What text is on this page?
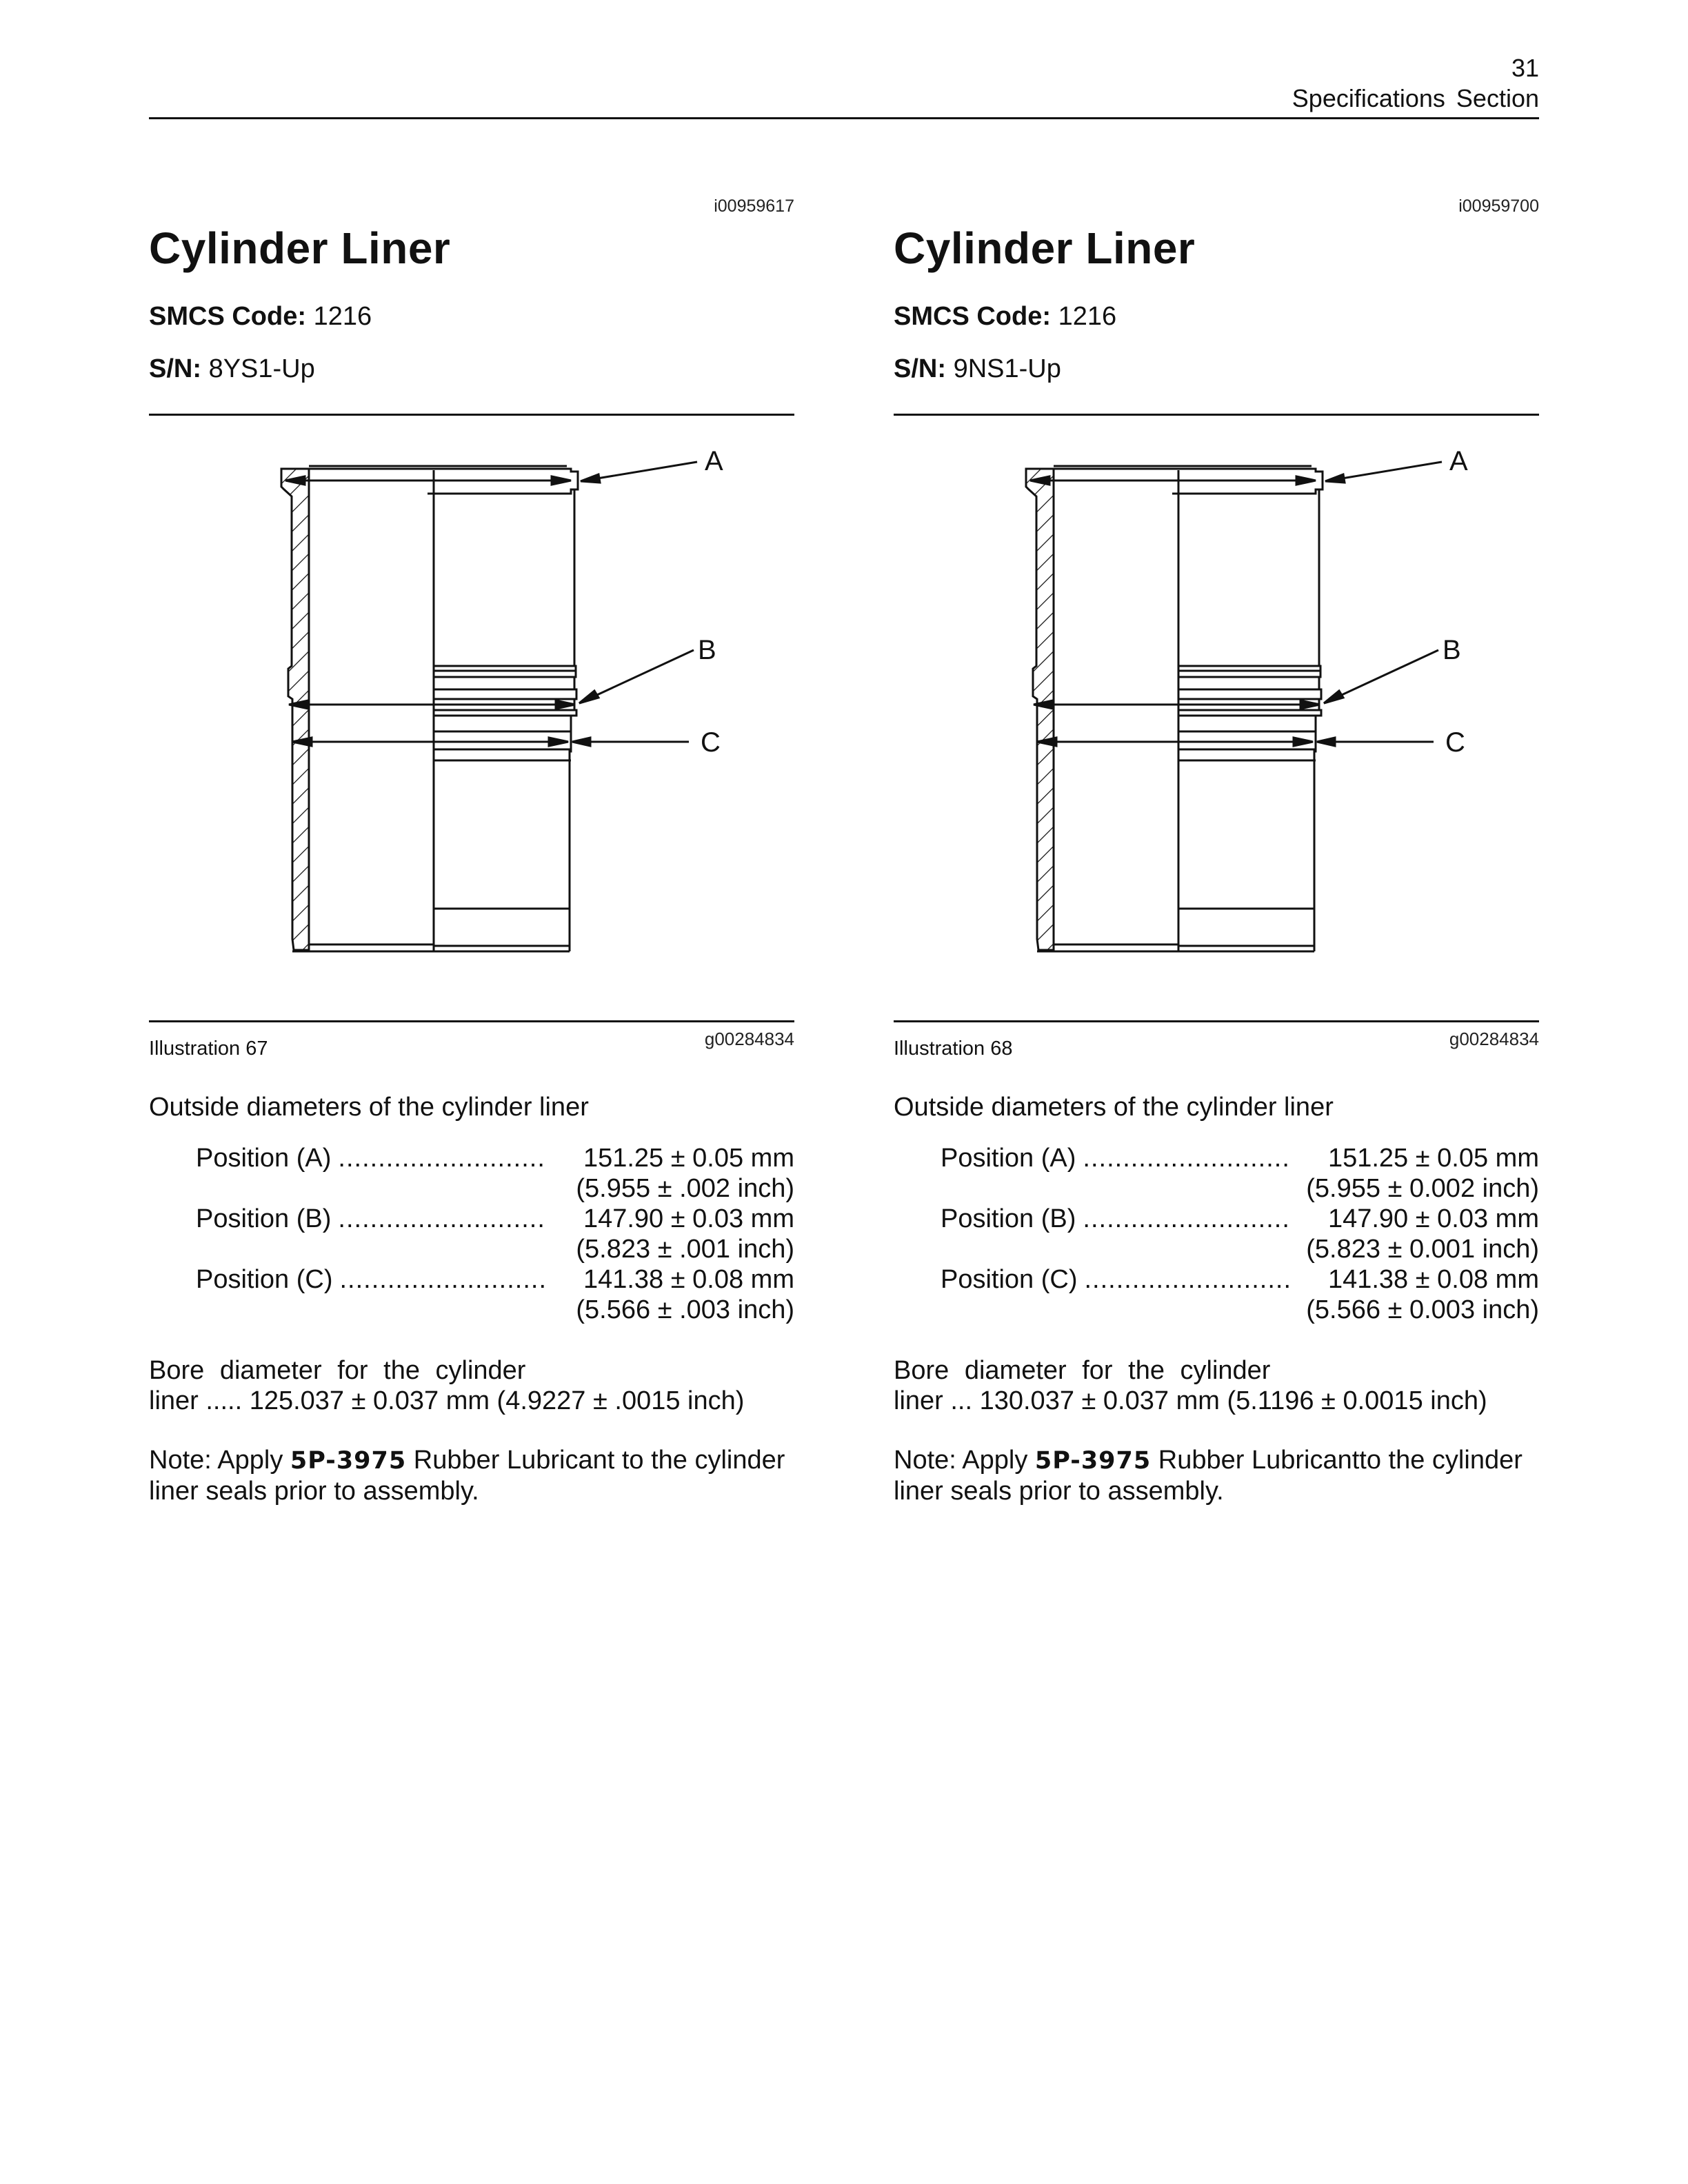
31
Specifications Section
i00959617
Cylinder Liner
SMCS Code: 1216
S/N: 8YS1-Up
A
B
C
Illustration 67	g00284834
Outside diameters of the cylinder liner
Position (A) ..........................	151.25 ± 0.05 mm
(5.955 ± .002 inch)
Position (B) ..........................	147.90 ± 0.03 mm
(5.823 ± .001 inch)
Position (C) ..........................	141.38 ± 0.08 mm
(5.566 ± .003 inch)
Bore diameter for the cylinder
liner ..... 125.037 ± 0.037 mm (4.9227 ± .0015 inch)
Note: Apply 5P-3975 Rubber Lubricant to the cylinder liner seals prior to assembly.
i00959700
Cylinder Liner
SMCS Code: 1216
S/N: 9NS1-Up
A
B
C
Illustration 68	g00284834
Outside diameters of the cylinder liner
Position (A) ..........................	151.25 ± 0.05 mm
(5.955 ± 0.002 inch)
Position (B) ..........................	147.90 ± 0.03 mm
(5.823 ± 0.001 inch)
Position (C) ..........................	141.38 ± 0.08 mm
(5.566 ± 0.003 inch)
Bore diameter for the cylinder
liner ... 130.037 ± 0.037 mm (5.1196 ± 0.0015 inch)
Note: Apply 5P-3975 Rubber Lubricantto the cylinder liner seals prior to assembly.
